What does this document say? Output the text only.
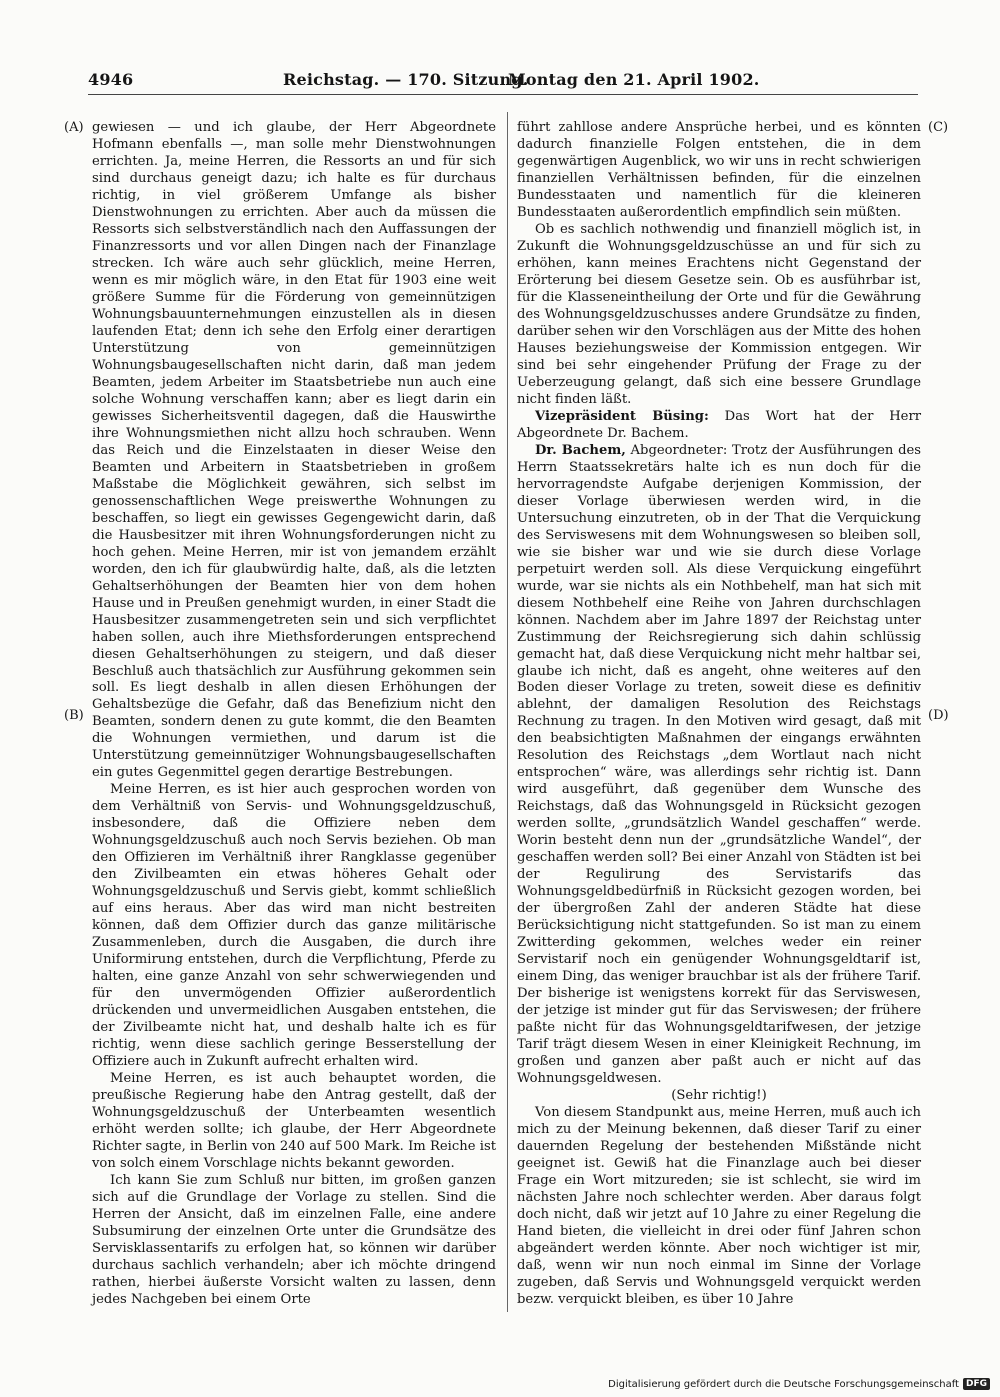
4946	Reichstag. — 170. Sitzung.
Montag den 21. April 1902.
(A)
(B)
(C)
(D)

gewiesen — und ich glaube, der Herr Abgeordnete Hofmann ebenfalls —, man solle mehr Dienstwohnungen errichten. Ja, meine Herren, die Ressorts an und für sich sind durchaus geneigt dazu; ich halte es für durchaus richtig, in viel größerem Umfange als bisher Dienstwohnungen zu errichten. Aber auch da müssen die Ressorts sich selbstverständlich nach den Auffassungen der Finanzressorts und vor allen Dingen nach der Finanzlage strecken. Ich wäre auch sehr glücklich, meine Herren, wenn es mir möglich wäre, in den Etat für 1903 eine weit größere Summe für die Förderung von gemeinnützigen Wohnungsbauunternehmungen einzustellen als in diesen laufenden Etat; denn ich sehe den Erfolg einer derartigen Unterstützung von gemeinnützigen Wohnungsbaugesellschaften nicht darin, daß man jedem Beamten, jedem Arbeiter im Staatsbetriebe nun auch eine solche Wohnung verschaffen kann; aber es liegt darin ein gewisses Sicherheitsventil dagegen, daß die Hauswirthe ihre Wohnungsmiethen nicht allzu hoch schrauben. Wenn das Reich und die Einzelstaaten in dieser Weise den Beamten und Arbeitern in Staatsbetrieben in großem Maßstabe die Möglichkeit gewähren, sich selbst im genossenschaftlichen Wege preiswerthe Wohnungen zu beschaffen, so liegt ein gewisses Gegengewicht darin, daß die Hausbesitzer mit ihren Wohnungsforderungen nicht zu hoch gehen. Meine Herren, mir ist von jemandem erzählt worden, den ich für glaubwürdig halte, daß, als die letzten Gehaltserhöhungen der Beamten hier von dem hohen Hause und in Preußen genehmigt wurden, in einer Stadt die Hausbesitzer zusammengetreten sein und sich verpflichtet haben sollen, auch ihre Miethsforderungen entsprechend diesen Gehaltserhöhungen zu steigern, und daß dieser Beschluß auch thatsächlich zur Ausführung gekommen sein soll. Es liegt deshalb in allen diesen Erhöhungen der Gehaltsbezüge die Gefahr, daß das Benefizium nicht den Beamten, sondern denen zu gute kommt, die den Beamten die Wohnungen vermiethen, und darum ist die Unterstützung gemeinnütziger Wohnungsbaugesellschaften ein gutes Gegenmittel gegen derartige Bestrebungen.

Meine Herren, es ist hier auch gesprochen worden von dem Verhältniß von Servis- und Wohnungsgeldzuschuß, insbesondere, daß die Offiziere neben dem Wohnungsgeldzuschuß auch noch Servis beziehen. Ob man den Offizieren im Verhältniß ihrer Rangklasse gegenüber den Zivilbeamten ein etwas höheres Gehalt oder Wohnungsgeldzuschuß und Servis giebt, kommt schließlich auf eins heraus. Aber das wird man nicht bestreiten können, daß dem Offizier durch das ganze militärische Zusammenleben, durch die Ausgaben, die durch ihre Uniformirung entstehen, durch die Verpflichtung, Pferde zu halten, eine ganze Anzahl von sehr schwerwiegenden und für den unvermögenden Offizier außerordentlich drückenden und unvermeidlichen Ausgaben entstehen, die der Zivilbeamte nicht hat, und deshalb halte ich es für richtig, wenn diese sachlich geringe Besserstellung der Offiziere auch in Zukunft aufrecht erhalten wird.

Meine Herren, es ist auch behauptet worden, die preußische Regierung habe den Antrag gestellt, daß der Wohnungsgeldzuschuß der Unterbeamten wesentlich erhöht werden sollte; ich glaube, der Herr Abgeordnete Richter sagte, in Berlin von 240 auf 500 Mark. Im Reiche ist von solch einem Vorschlage nichts bekannt geworden.

Ich kann Sie zum Schluß nur bitten, im großen ganzen sich auf die Grundlage der Vorlage zu stellen. Sind die Herren der Ansicht, daß im einzelnen Falle, eine andere Subsumirung der einzelnen Orte unter die Grundsätze des Servisklassentarifs zu erfolgen hat, so können wir darüber durchaus sachlich verhandeln; aber ich möchte dringend rathen, hierbei äußerste Vorsicht walten zu lassen, denn jedes Nachgeben bei einem Orte

führt zahllose andere Ansprüche herbei, und es könnten dadurch finanzielle Folgen entstehen, die in dem gegenwärtigen Augenblick, wo wir uns in recht schwierigen finanziellen Verhältnissen befinden, für die einzelnen Bundesstaaten und namentlich für die kleineren Bundesstaaten außerordentlich empfindlich sein müßten.

Ob es sachlich nothwendig und finanziell möglich ist, in Zukunft die Wohnungsgeldzuschüsse an und für sich zu erhöhen, kann meines Erachtens nicht Gegenstand der Erörterung bei diesem Gesetze sein. Ob es ausführbar ist, für die Klasseneintheilung der Orte und für die Gewährung des Wohnungsgeldzuschusses andere Grundsätze zu finden, darüber sehen wir den Vorschlägen aus der Mitte des hohen Hauses beziehungsweise der Kommission entgegen. Wir sind bei sehr eingehender Prüfung der Frage zu der Ueberzeugung gelangt, daß sich eine bessere Grundlage nicht finden läßt.

Vizepräsident Büsing: Das Wort hat der Herr Abgeordnete Dr. Bachem.

Dr. Bachem, Abgeordneter: Trotz der Ausführungen des Herrn Staatssekretärs halte ich es nun doch für die hervorragendste Aufgabe derjenigen Kommission, der dieser Vorlage überwiesen werden wird, in die Untersuchung einzutreten, ob in der That die Verquickung des Serviswesens mit dem Wohnungswesen so bleiben soll, wie sie bisher war und wie sie durch diese Vorlage perpetuirt werden soll. Als diese Verquickung eingeführt wurde, war sie nichts als ein Nothbehelf, man hat sich mit diesem Nothbehelf eine Reihe von Jahren durchschlagen können. Nachdem aber im Jahre 1897 der Reichstag unter Zustimmung der Reichsregierung sich dahin schlüssig gemacht hat, daß diese Verquickung nicht mehr haltbar sei, glaube ich nicht, daß es angeht, ohne weiteres auf den Boden dieser Vorlage zu treten, soweit diese es definitiv ablehnt, der damaligen Resolution des Reichstags Rechnung zu tragen. In den Motiven wird gesagt, daß mit den beabsichtigten Maßnahmen der eingangs erwähnten Resolution des Reichstags „dem Wortlaut nach nicht entsprochen“ wäre, was allerdings sehr richtig ist. Dann wird ausgeführt, daß gegenüber dem Wunsche des Reichstags, daß das Wohnungsgeld in Rücksicht gezogen werden sollte, „grundsätzlich Wandel geschaffen“ werde. Worin besteht denn nun der „grundsätzliche Wandel“, der geschaffen werden soll? Bei einer Anzahl von Städten ist bei der Regulirung des Servistarifs das Wohnungsgeldbedürfniß in Rücksicht gezogen worden, bei der übergroßen Zahl der anderen Städte hat diese Berücksichtigung nicht stattgefunden. So ist man zu einem Zwitterding gekommen, welches weder ein reiner Servistarif noch ein genügender Wohnungsgeldtarif ist, einem Ding, das weniger brauchbar ist als der frühere Tarif. Der bisherige ist wenigstens korrekt für das Serviswesen, der jetzige ist minder gut für das Serviswesen; der frühere paßte nicht für das Wohnungsgeldtarifwesen, der jetzige Tarif trägt diesem Wesen in einer Kleinigkeit Rechnung, im großen und ganzen aber paßt auch er nicht auf das Wohnungsgeldwesen.

(Sehr richtig!)

Von diesem Standpunkt aus, meine Herren, muß auch ich mich zu der Meinung bekennen, daß dieser Tarif zu einer dauernden Regelung der bestehenden Mißstände nicht geeignet ist. Gewiß hat die Finanzlage auch bei dieser Frage ein Wort mitzureden; sie ist schlecht, sie wird im nächsten Jahre noch schlechter werden. Aber daraus folgt doch nicht, daß wir jetzt auf 10 Jahre zu einer Regelung die Hand bieten, die vielleicht in drei oder fünf Jahren schon abgeändert werden könnte. Aber noch wichtiger ist mir, daß, wenn wir nun noch einmal im Sinne der Vorlage zugeben, daß Servis und Wohnungsgeld verquickt werden bezw. verquickt bleiben, es über 10 Jahre

Digitalisierung gefördert durch die Deutsche Forschungsgemeinschaft DFG
